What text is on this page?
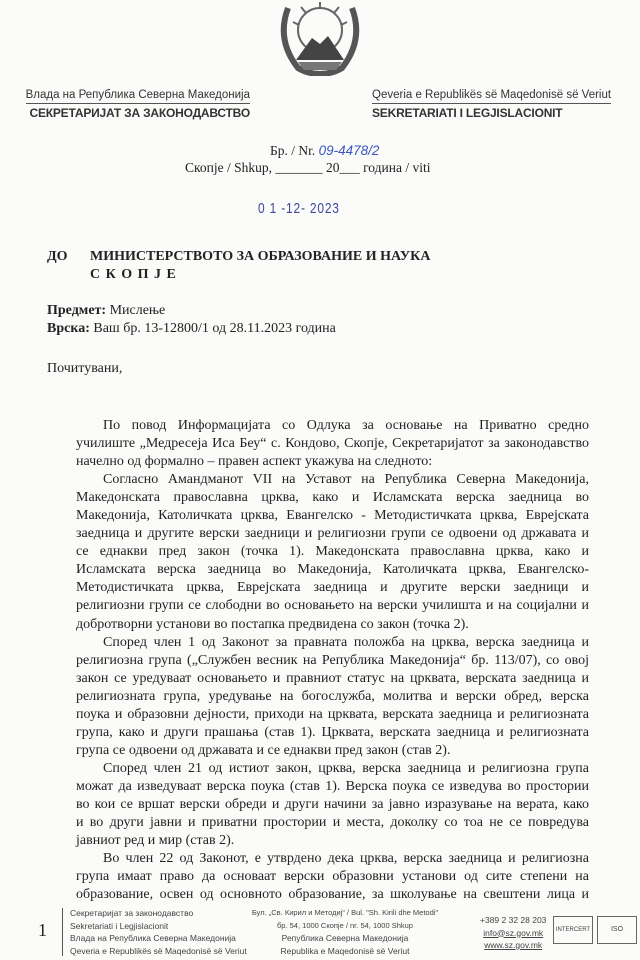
Влада на Република Северна Македонија
СЕКРЕТАРИЈАТ ЗА ЗАКОНОДАВСТВО
Qeveria e Republikës së Maqedonisë së Veriut
SEKRETARIATI I LEGJISLACIONIT
Бр. / Nr. 09-4478/2
Скопје / Shkup, _______ 20___ година / viti
0 1 -12- 2023
ДО МИНИСТЕРСТВОТО ЗА ОБРАЗОВАНИЕ И НАУКА
С К О П Ј Е
Предмет: Мислење
Врска: Ваш бр. 13-12800/1 од 28.11.2023 година
Почитувани,
По повод Информацијата со Одлука за основање на Приватно средно
училиште „Медресеја Иса Беу“ с. Кондово, Скопје, Секретаријатот за законодавство
начелно од формално – правен аспект укажува на следното:
Согласно Амандманот VII на Уставот на Република Северна Македонија,
Македонската православна црква, како и Исламската верска заедница во
Македонија, Католичката црква, Евангелско - Методистичката црква, Еврејската
заедница и другите верски заедници и религиозни групи се одвоени од државата и
се еднакви пред закон (точка 1). Македонската православна црква, како и
Исламската верска заедница во Македонија, Католичката црква, Евангелско-
Методистичката црква, Еврејската заедница и другите верски заедници и
религиозни групи се слободни во основањето на верски училишта и на социјални и
добротворни установи во постапка предвидена со закон (точка 2).
Според член 1 од Законот за правната положба на црква, верска заедница и
религиозна група („Службен весник на Република Македонија“ бр. 113/07), со овој
закон се уредуваат основањето и правниот статус на црквата, верската заедница и
религиозната група, уредување на богослужба, молитва и верски обред, верска
поука и образовни дејности, приходи на црквата, верската заедница и религиозната
група, како и други прашања (став 1). Црквата, верската заедница и религиозната
група се одвоени од државата и се еднакви пред закон (став 2).
Според член 21 од истиот закон, црква, верска заедница и религиозна група
можат да изведуваат верска поука (став 1). Верска поука се изведува во простории
во кои се вршат верски обреди и други начини за јавно изразување на верата, како
и во други јавни и приватни простории и места, доколку со тоа не се повредува
јавниот ред и мир (став 2).
Во член 22 од Законот, е утврдено дека црква, верска заедница и религиозна
група имаат право да основаат верски образовни установи од сите степени на
образование, освен од основното образование, за школување на свештени лица и
1
Секретаријат за законодавство
Sekretariati i Legjislacionit
Влада на Република Северна Македонија
Qeveria e Republikës së Maqedonisë së Veriut
Бул. „Св. Кирил и Методиј“ / Bul. "Sh. Kirili dhe Metodi"
бр. 54, 1000 Скопје / nr. 54, 1000 Shkup
Република Северна Македонија
Republika e Maqedonisë së Veriut
+389 2 32 28 203
info@sz.gov.mk
www.sz.gov.mk
INTERCERT	ISO
